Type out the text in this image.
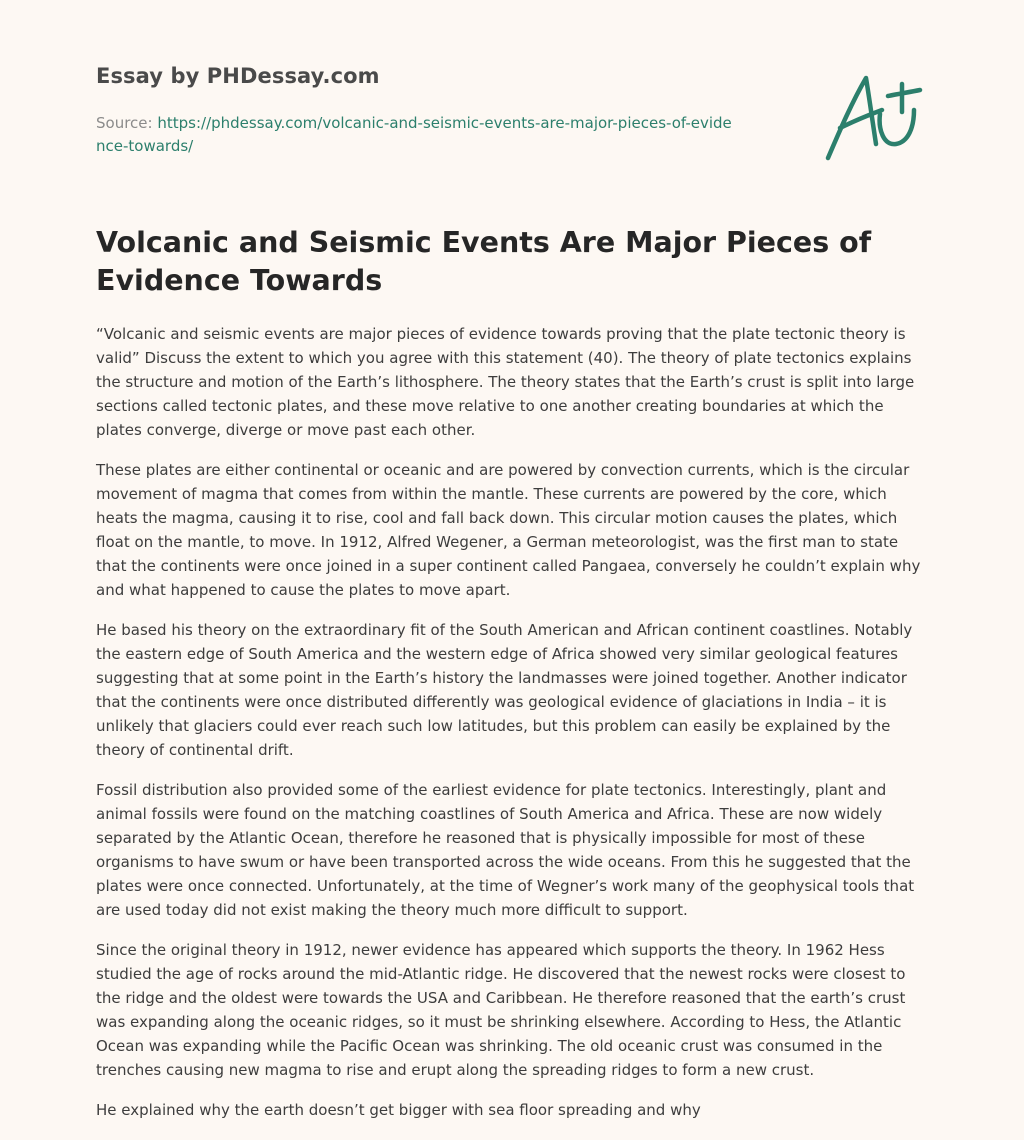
Essay by PHDessay.com
Source: https://phdessay.com/volcanic-and-seismic-events-are-major-pieces-of-evidence-towards/
Volcanic and Seismic Events Are Major Pieces of Evidence Towards

“Volcanic and seismic events are major pieces of evidence towards proving that the plate tectonic theory is valid” Discuss the extent to which you agree with this statement (40). The theory of plate tectonics explains the structure and motion of the Earth’s lithosphere. The theory states that the Earth’s crust is split into large sections called tectonic plates, and these move relative to one another creating boundaries at which the plates converge, diverge or move past each other.

These plates are either continental or oceanic and are powered by convection currents, which is the circular movement of magma that comes from within the mantle. These currents are powered by the core, which heats the magma, causing it to rise, cool and fall back down. This circular motion causes the plates, which float on the mantle, to move. In 1912, Alfred Wegener, a German meteorologist, was the first man to state that the continents were once joined in a super continent called Pangaea, conversely he couldn’t explain why and what happened to cause the plates to move apart.

He based his theory on the extraordinary fit of the South American and African continent coastlines. Notably the eastern edge of South America and the western edge of Africa showed very similar geological features suggesting that at some point in the Earth’s history the landmasses were joined together. Another indicator that the continents were once distributed differently was geological evidence of glaciations in India – it is unlikely that glaciers could ever reach such low latitudes, but this problem can easily be explained by the theory of continental drift.

Fossil distribution also provided some of the earliest evidence for plate tectonics. Interestingly, plant and animal fossils were found on the matching coastlines of South America and Africa. These are now widely separated by the Atlantic Ocean, therefore he reasoned that is physically impossible for most of these organisms to have swum or have been transported across the wide oceans. From this he suggested that the plates were once connected. Unfortunately, at the time of Wegner’s work many of the geophysical tools that are used today did not exist making the theory much more difficult to support.

Since the original theory in 1912, newer evidence has appeared which supports the theory. In 1962 Hess studied the age of rocks around the mid-Atlantic ridge. He discovered that the newest rocks were closest to the ridge and the oldest were towards the USA and Caribbean. He therefore reasoned that the earth’s crust was expanding along the oceanic ridges, so it must be shrinking elsewhere. According to Hess, the Atlantic Ocean was expanding while the Pacific Ocean was shrinking. The old oceanic crust was consumed in the trenches causing new magma to rise and erupt along the spreading ridges to form a new crust.

He explained why the earth doesn’t get bigger with sea floor spreading and why
